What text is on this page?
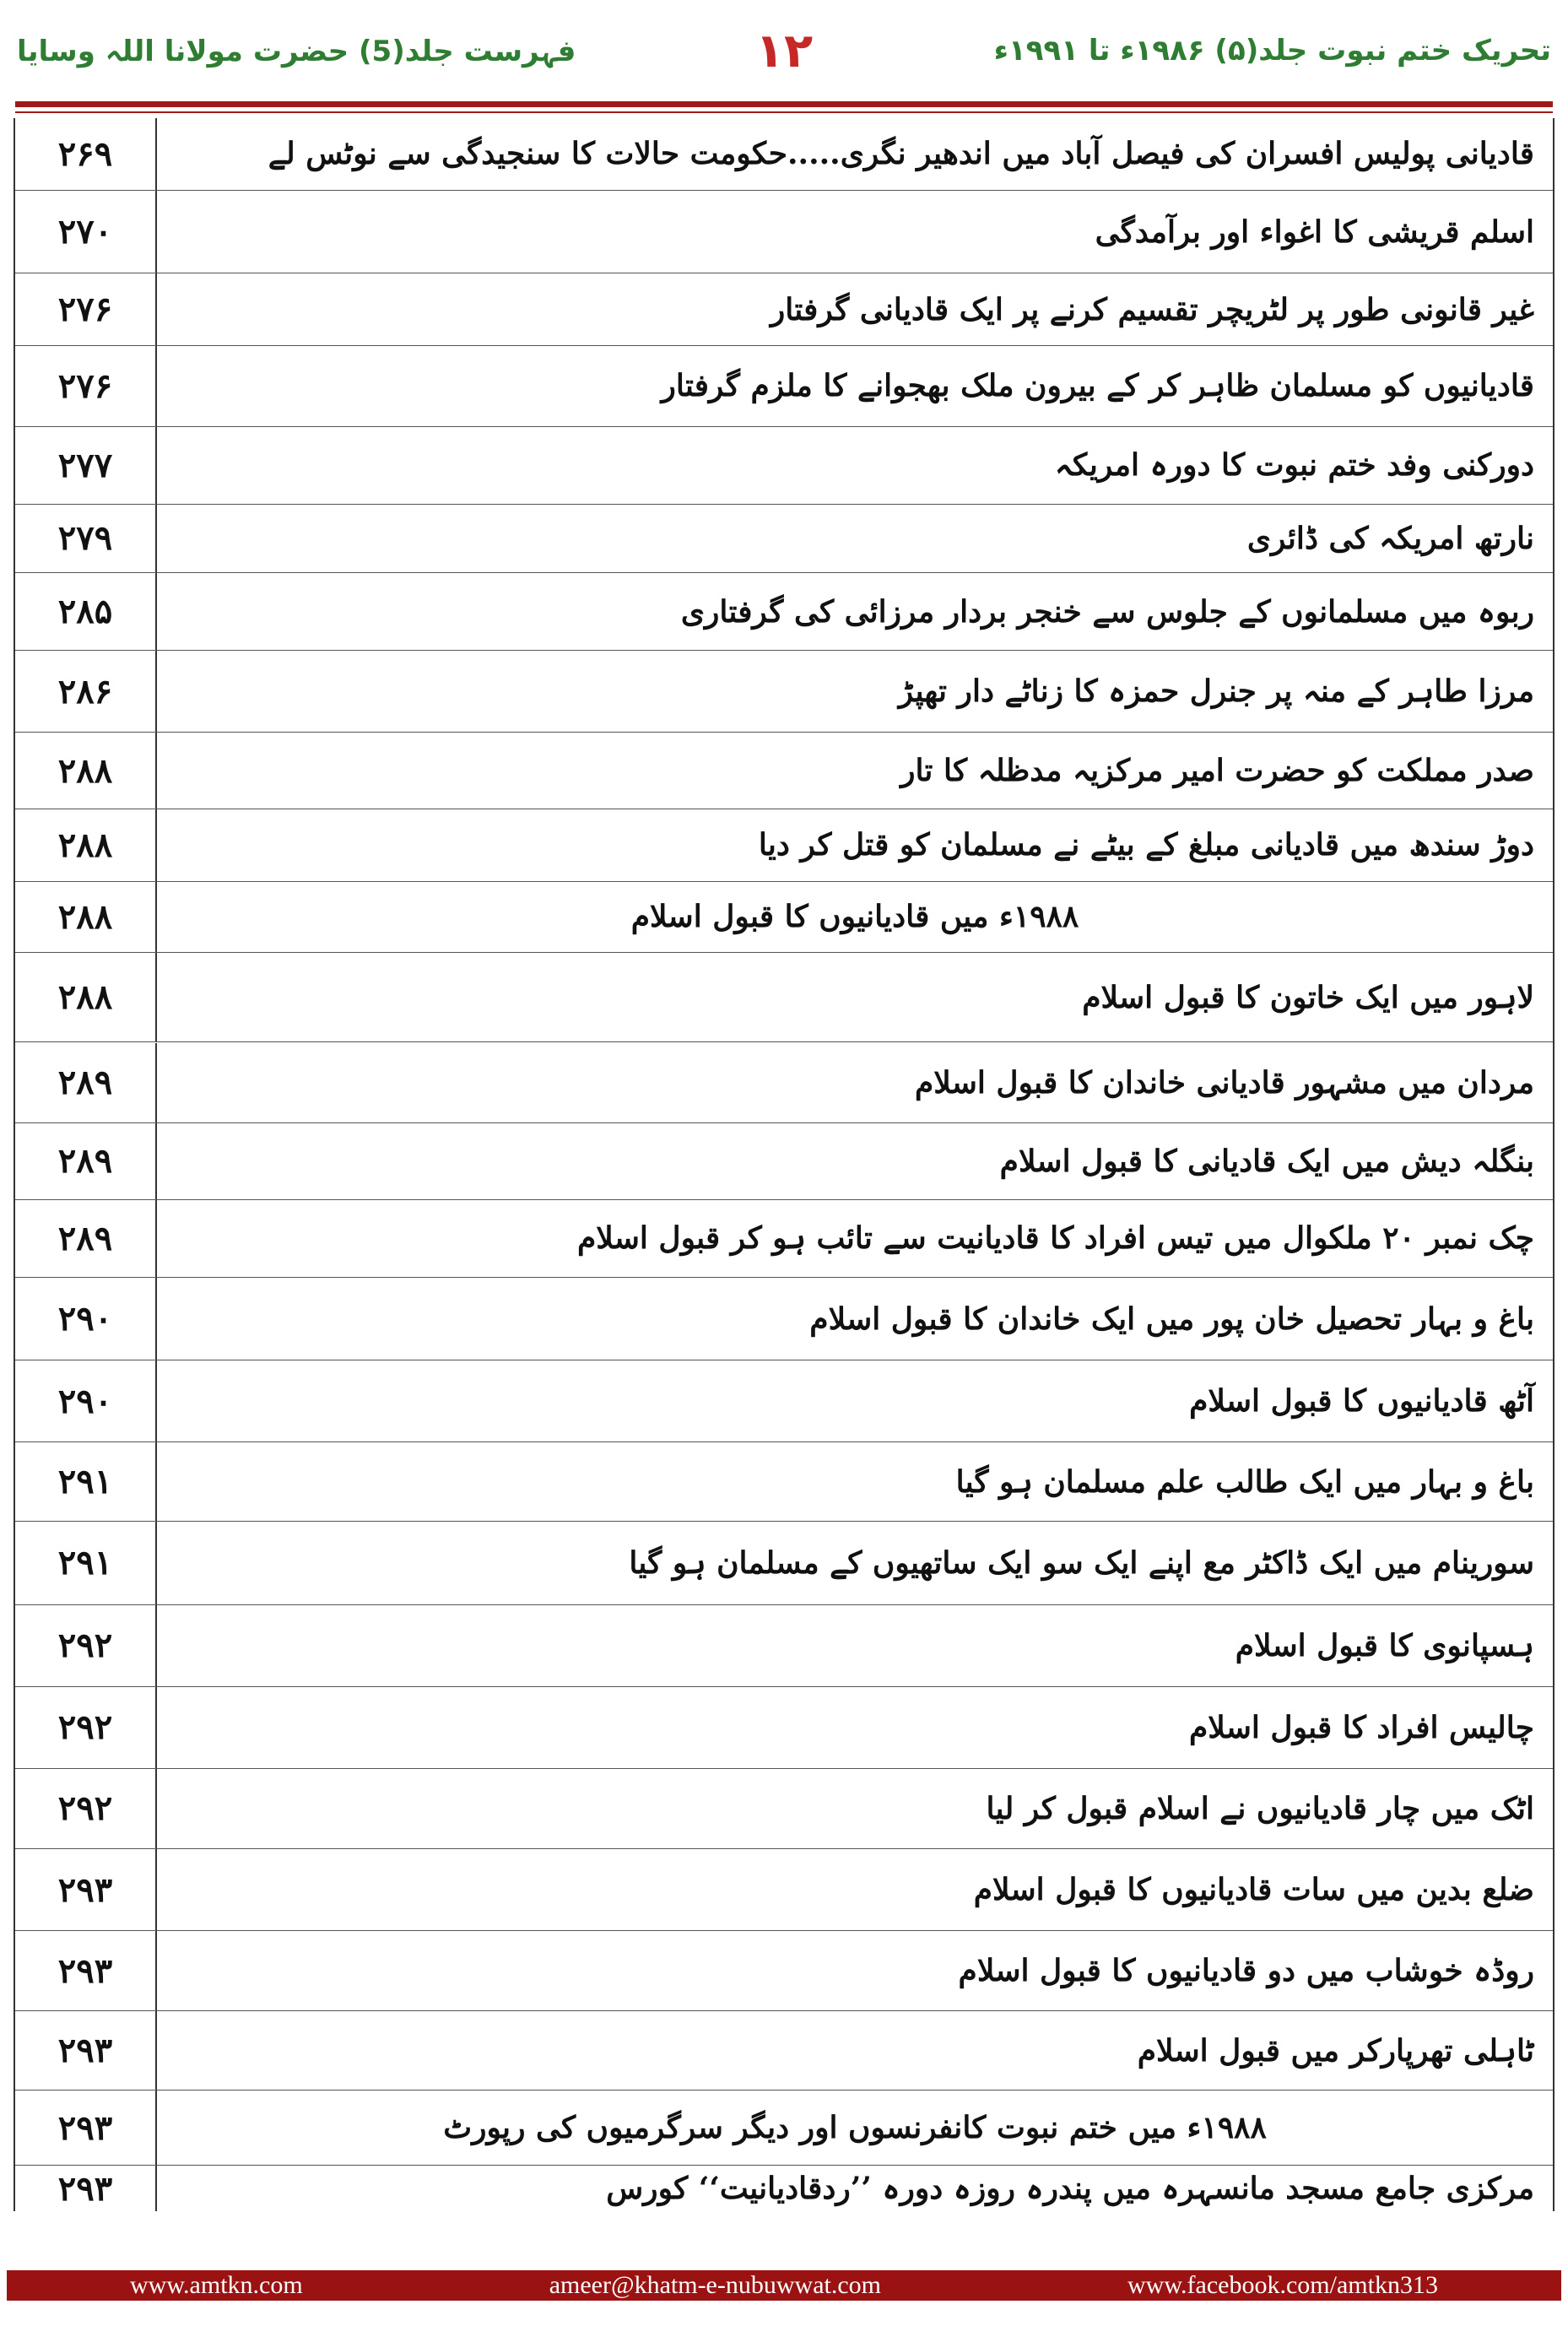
تحریک ختم نبوت جلد(۵) ۱۹۸۶ء تا ۱۹۹۱ء
۱۲
فہرست جلد(5) حضرت مولانا اللہ وسایا
۲۶۹	قادیانی پولیس افسران کی فیصل آباد میں اندھیر نگری.....حکومت حالات کا سنجیدگی سے نوٹس لے
۲۷۰	اسلم قریشی کا اغواء اور برآمدگی
۲۷۶	غیر قانونی طور پر لٹریچر تقسیم کرنے پر ایک قادیانی گرفتار
۲۷۶	قادیانیوں کو مسلمان ظاہر کر کے بیرون ملک بھجوانے کا ملزم گرفتار
۲۷۷	دورکنی وفد ختم نبوت کا دورہ امریکہ
۲۷۹	نارتھ امریکہ کی ڈائری
۲۸۵	ربوہ میں مسلمانوں کے جلوس سے خنجر بردار مرزائی کی گرفتاری
۲۸۶	مرزا طاہر کے منہ پر جنرل حمزہ کا زناٹے دار تھپڑ
۲۸۸	صدر مملکت کو حضرت امیر مرکزیہ مدظلہ کا تار
۲۸۸	دوڑ سندھ میں قادیانی مبلغ کے بیٹے نے مسلمان کو قتل کر دیا
۲۸۸	۱۹۸۸ء میں قادیانیوں کا قبول اسلام
۲۸۸	لاہور میں ایک خاتون کا قبول اسلام
۲۸۹	مردان میں مشہور قادیانی خاندان کا قبول اسلام
۲۸۹	بنگلہ دیش میں ایک قادیانی کا قبول اسلام
۲۸۹	چک نمبر ۲۰ ملکوال میں تیس افراد کا قادیانیت سے تائب ہو کر قبول اسلام
۲۹۰	باغ و بہار تحصیل خان پور میں ایک خاندان کا قبول اسلام
۲۹۰	آٹھ قادیانیوں کا قبول اسلام
۲۹۱	باغ و بہار میں ایک طالب علم مسلمان ہو گیا
۲۹۱	سورینام میں ایک ڈاکٹر مع اپنے ایک سو ایک ساتھیوں کے مسلمان ہو گیا
۲۹۲	ہسپانوی کا قبول اسلام
۲۹۲	چالیس افراد کا قبول اسلام
۲۹۲	اٹک میں چار قادیانیوں نے اسلام قبول کر لیا
۲۹۳	ضلع بدین میں سات قادیانیوں کا قبول اسلام
۲۹۳	روڈہ خوشاب میں دو قادیانیوں کا قبول اسلام
۲۹۳	ٹاہلی تھرپارکر میں قبول اسلام
۲۹۳	۱۹۸۸ء میں ختم نبوت کانفرنسوں اور دیگر سرگرمیوں کی رپورٹ
۲۹۳	مرکزی جامع مسجد مانسہرہ میں پندرہ روزہ دورہ ’’ردقادیانیت‘‘ کورس
www.amtkn.com	ameer@khatm-e-nubuwwat.com	www.facebook.com/amtkn313
